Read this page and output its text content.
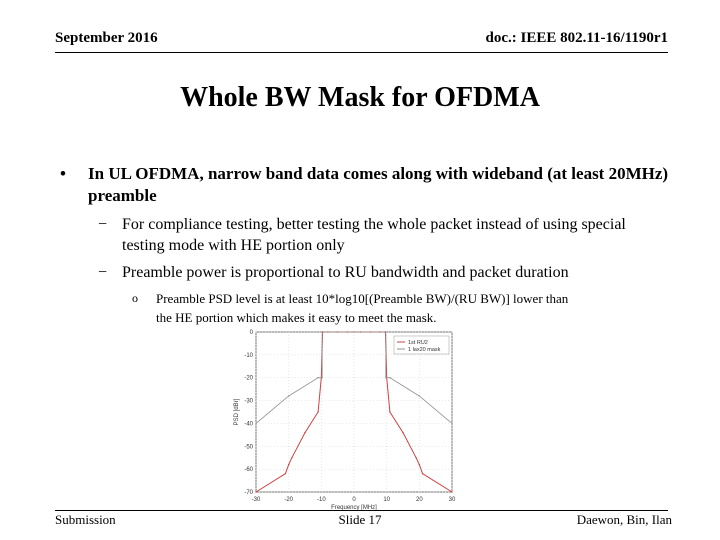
September 2016	doc.: IEEE 802.11-16/1190r1
Whole BW Mask for OFDMA
• In UL OFDMA, narrow band data comes along with wideband (at least 20MHz) preamble
− For compliance testing, better testing the whole packet instead of using special testing mode with HE portion only
− Preamble power is proportional to RU bandwidth and packet duration
o Preamble PSD level is at least 10*log10[(Preamble BW)/(RU BW)] lower than the HE portion which makes it easy to meet the mask.
-30	-20	-10	0	10	20	30
0
-10
-20
-30
-40
-50
-60
-70
Frequency [MHz]
PSD [dBr]
1st RU2
1 lax20 mask
Submission	Slide 17	Daewon, Bin, Ilan
